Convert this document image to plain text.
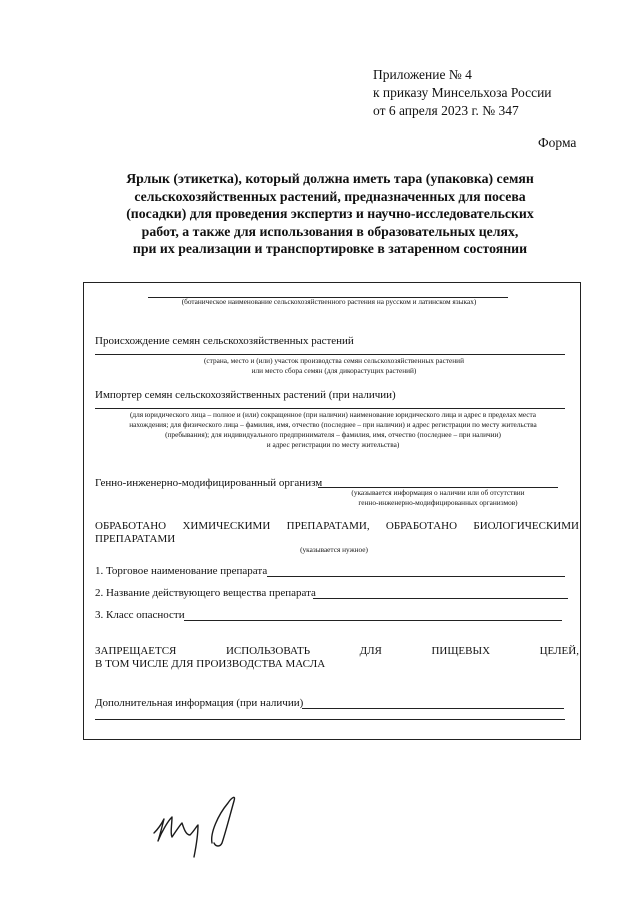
Приложение № 4
к приказу Минсельхоза России
от 6 апреля 2023 г. № 347
Форма
Ярлык (этикетка), который должна иметь тара (упаковка) семян
сельскохозяйственных растений, предназначенных для посева
(посадки) для проведения экспертиз и научно-исследовательских
работ, а также для использования в образовательных целях,
при их реализации и транспортировке в затаренном состоянии
(ботаническое наименование сельскохозяйственного растения на русском и латинском языках)
Происхождение семян сельскохозяйственных растений
(страна, место и (или) участок производства семян сельскохозяйственных растений
или место сбора семян (для дикорастущих растений)
Импортер семян сельскохозяйственных растений (при наличии)
(для юридического лица – полное и (или) сокращенное (при наличии) наименование юридического лица и адрес в пределах места
нахождения; для физического лица – фамилия, имя, отчество (последнее – при наличии) и адрес регистрации по месту жительства
(пребывания); для индивидуального предпринимателя – фамилия, имя, отчество (последнее – при наличии)
и адрес регистрации по месту жительства)
Генно-инженерно-модифицированный организм
(указывается информация о наличии или об отсутствии
генно-инженерно-модифицированных организмов)
ОБРАБОТАНО ХИМИЧЕСКИМИ ПРЕПАРАТАМИ, ОБРАБОТАНО БИОЛОГИЧЕСКИМИ
ПРЕПАРАТАМИ
(указывается нужное)
1. Торговое наименование препарата
2. Название действующего вещества препарата
3. Класс опасности
ЗАПРЕЩАЕТСЯ	ИСПОЛЬЗОВАТЬ	ДЛЯ	ПИЩЕВЫХ	ЦЕЛЕЙ,
В ТОМ ЧИСЛЕ ДЛЯ ПРОИЗВОДСТВА МАСЛА
Дополнительная информация (при наличии)
